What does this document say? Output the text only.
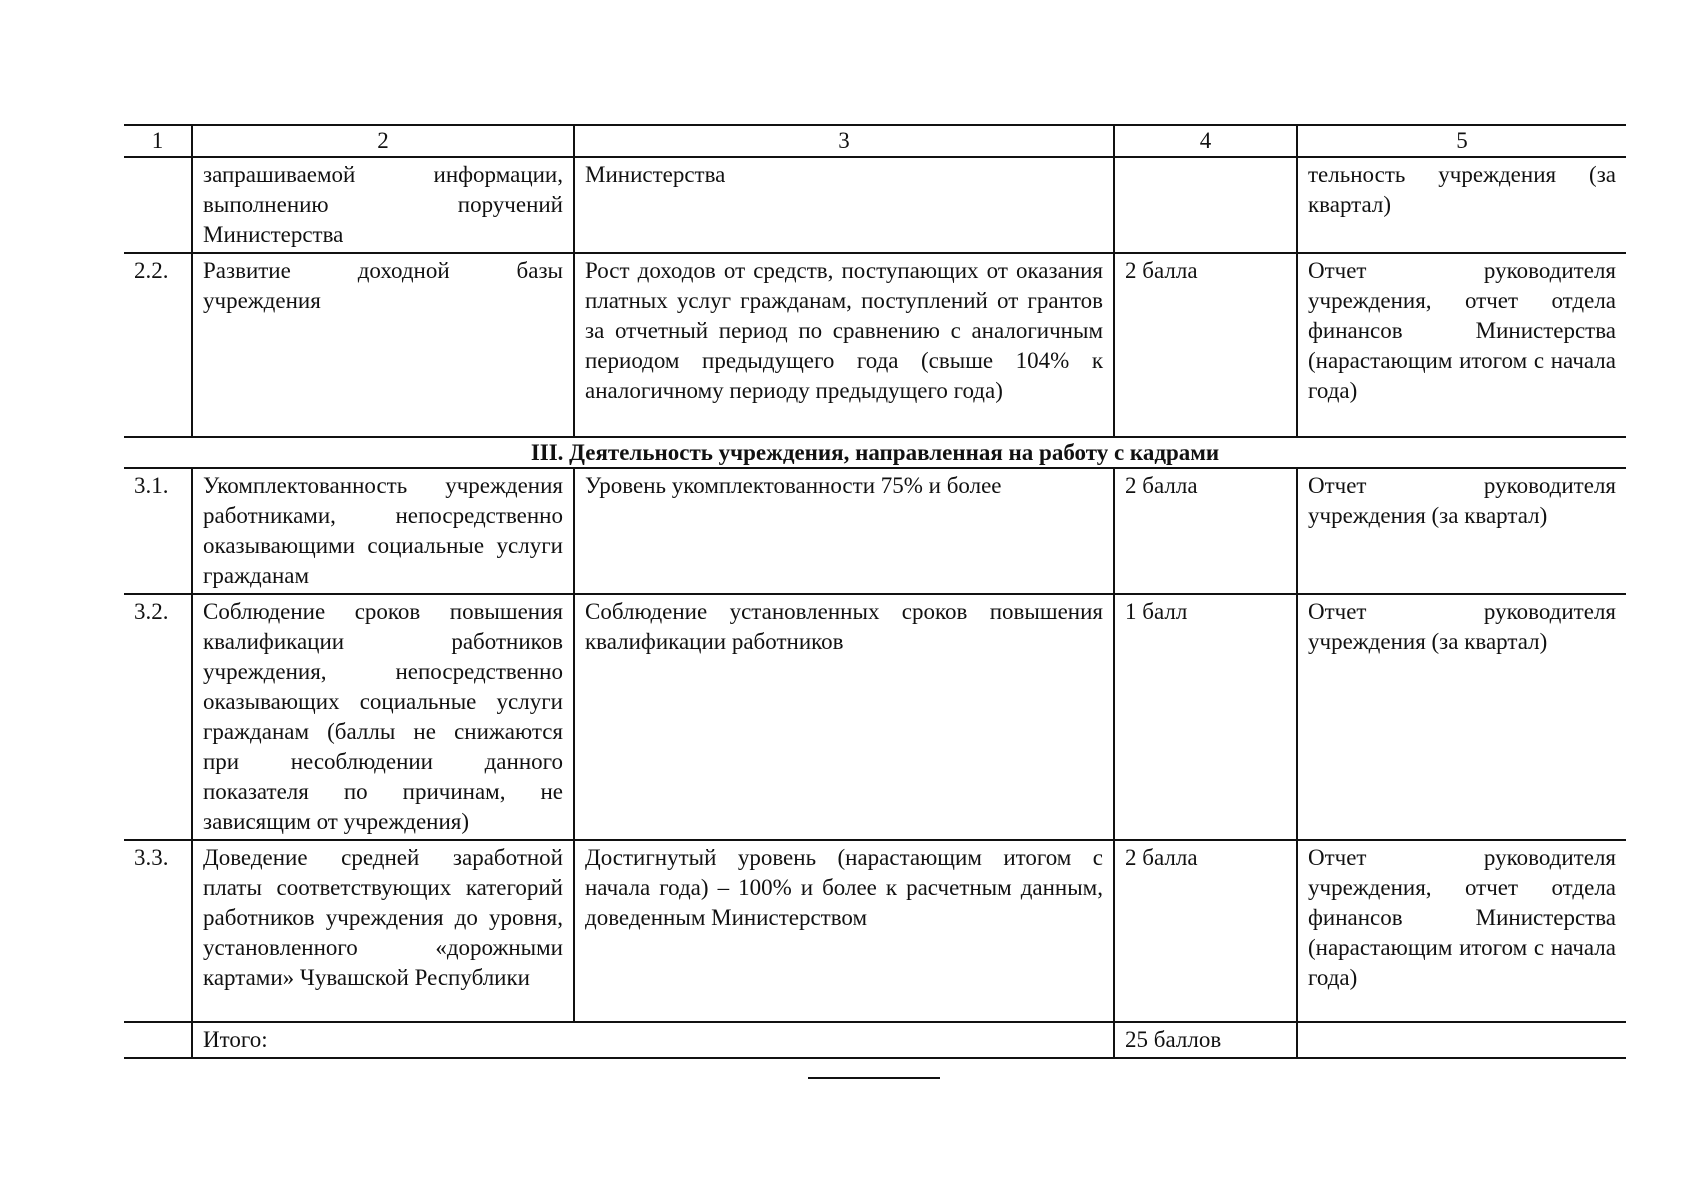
1	2	3	4	5
	запрашиваемой информации, выполнению поручений Министерства	Министерства		тельность учреждения (за квартал)
2.2.	Развитие доходной базы учреждения	Рост доходов от средств, поступающих от оказания платных услуг гражданам, поступлений от грантов за отчетный период по сравнению с аналогичным периодом предыдущего года (свыше 104% к аналогичному периоду предыдущего года)	2 балла	Отчет руководителя учреждения, отчет отдела финансов Министерства (нарастающим итогом с начала года)
III. Деятельность учреждения, направленная на работу с кадрами				
3.1.	Укомплектованность учреждения работниками, непосредственно оказывающими социальные услуги гражданам	Уровень укомплектованности 75% и более	2 балла	Отчет руководителя учреждения (за квартал)
3.2.	Соблюдение сроков повышения квалификации работников учреждения, непосредственно оказывающих социальные услуги гражданам (баллы не снижаются при несоблюдении данного показателя по причинам, не зависящим от учреждения)	Соблюдение установленных сроков повышения квалификации работников	1 балл	Отчет руководителя учреждения (за квартал)
3.3.	Доведение средней заработной платы соответствующих категорий работников учреждения до уровня, установленного «дорожными картами» Чувашской Республики	Достигнутый уровень (нарастающим итогом с начала года) – 100% и более к расчетным данным, доведенным Министерством	2 балла	Отчет руководителя учреждения, отчет отдела финансов Министерства (нарастающим итогом с начала года)
	Итого:		25 баллов	
